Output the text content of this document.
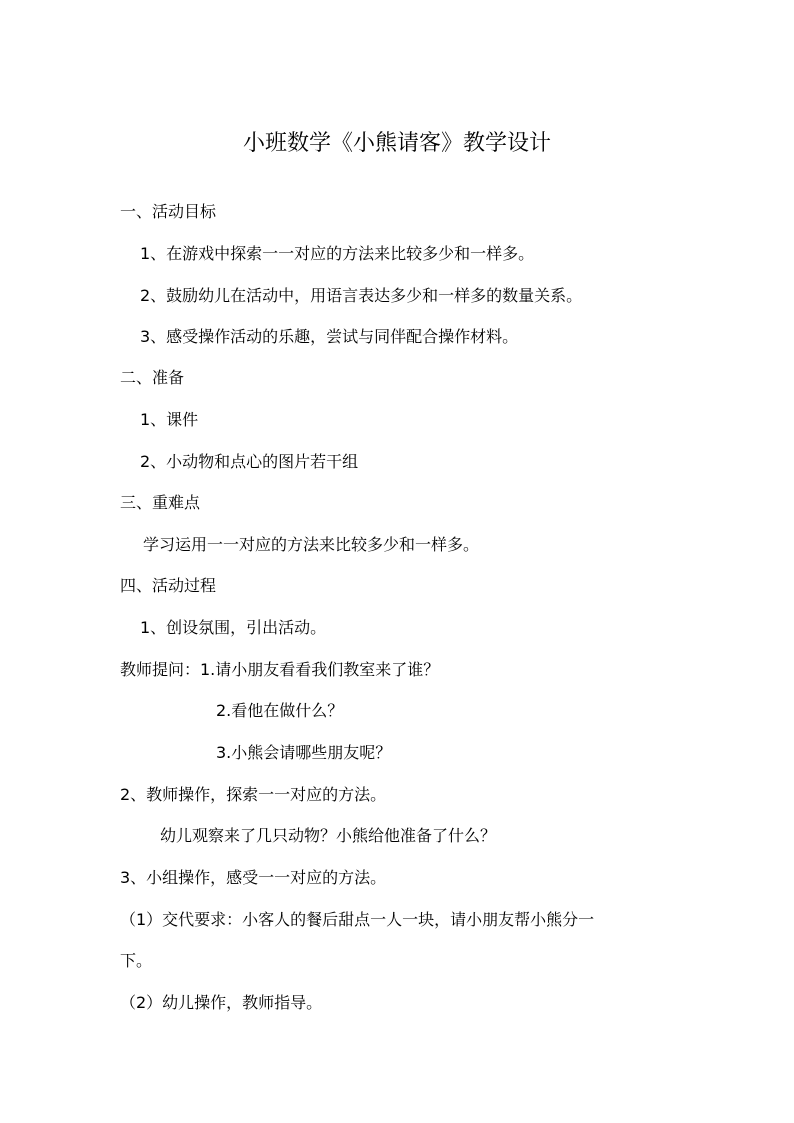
小班数学《小熊请客》教学设计
一、活动目标
1、在游戏中探索一一对应的方法来比较多少和一样多。
2、鼓励幼儿在活动中，用语言表达多少和一样多的数量关系。
3、感受操作活动的乐趣，尝试与同伴配合操作材料。
二、准备
1、课件
2、小动物和点心的图片若干组
三、重难点
学习运用一一对应的方法来比较多少和一样多。
四、活动过程
1、创设氛围，引出活动。
教师提问：1.请小朋友看看我们教室来了谁？
2.看他在做什么？
3.小熊会请哪些朋友呢？
2、教师操作，探索一一对应的方法。
幼儿观察来了几只动物？小熊给他准备了什么？
3、小组操作，感受一一对应的方法。
（1）交代要求：小客人的餐后甜点一人一块，请小朋友帮小熊分一
下。
（2）幼儿操作，教师指导。
